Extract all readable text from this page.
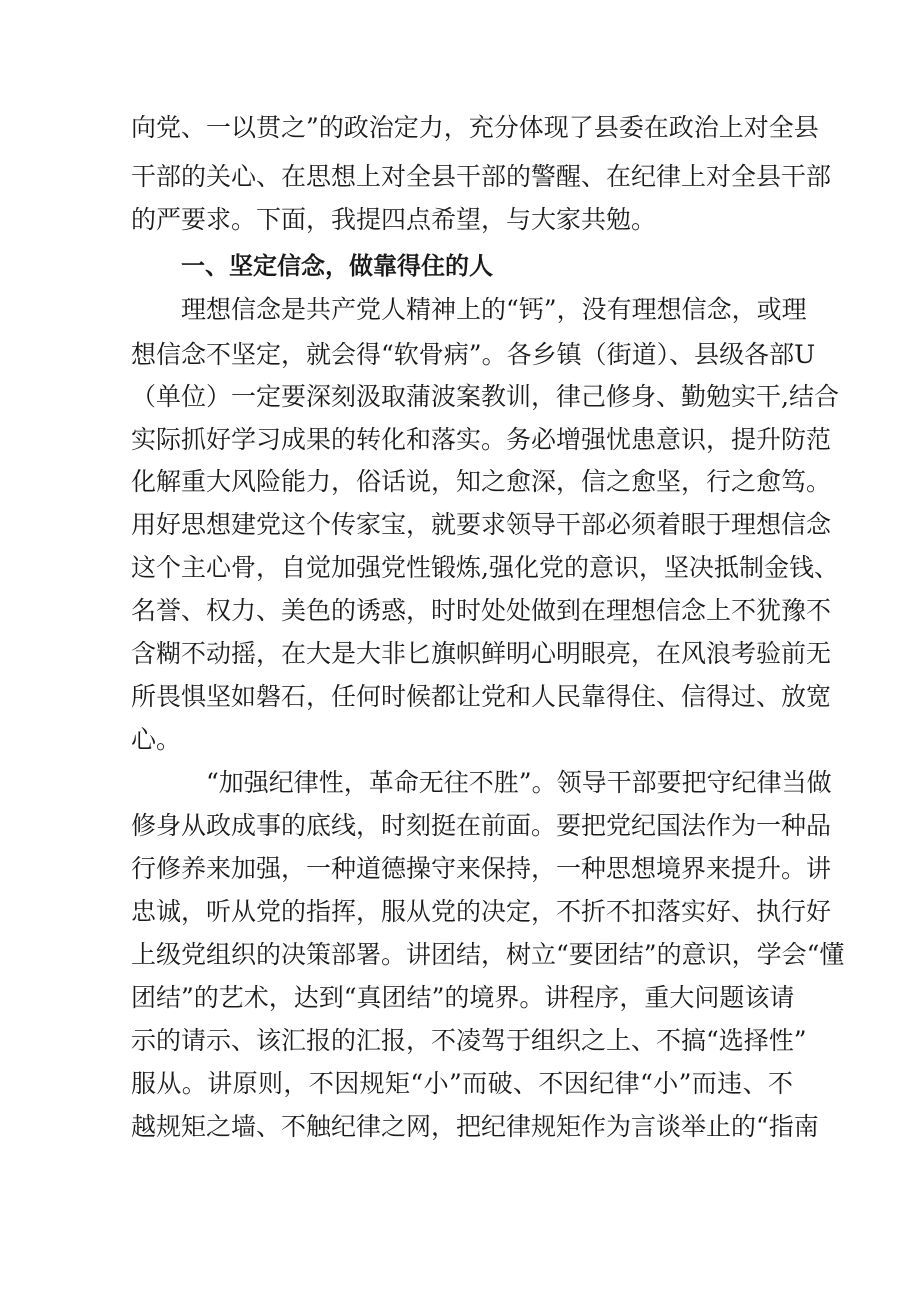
向党、一以贯之”的政治定力，充分体现了县委在政治上对全县
干部的关心、在思想上对全县干部的警醒、在纪律上对全县干部
的严要求。下面，我提四点希望，与大家共勉。
一、坚定信念，做靠得住的人
　　理想信念是共产党人精神上的“钙”，没有理想信念，或理
想信念不坚定，就会得“软骨病”。各乡镇（街道）、县级各部U
（单位）一定要深刻汲取蒲波案教训，律己修身、勤勉实干,结合
实际抓好学习成果的转化和落实。务必增强忧患意识，提升防范
化解重大风险能力，俗话说，知之愈深，信之愈坚，行之愈笃。
用好思想建党这个传家宝，就要求领导干部必须着眼于理想信念
这个主心骨，自觉加强党性锻炼,强化党的意识，坚决抵制金钱、
名誉、权力、美色的诱惑，时时处处做到在理想信念上不犹豫不
含糊不动摇，在大是大非匕旗帜鲜明心明眼亮，在风浪考验前无
所畏惧坚如磐石，任何时候都让党和人民靠得住、信得过、放宽
心。
　　　“加强纪律性，革命无往不胜”。领导干部要把守纪律当做
修身从政成事的底线，时刻挺在前面。要把党纪国法作为一种品
行修养来加强，一种道德操守来保持，一种思想境界来提升。讲
忠诚，听从党的指挥，服从党的决定，不折不扣落实好、执行好
上级党组织的决策部署。讲团结，树立“要团结”的意识，学会“懂
团结”的艺术，达到“真团结”的境界。讲程序，重大问题该请
示的请示、该汇报的汇报，不凌驾于组织之上、不搞“选择性”
服从。讲原则，不因规矩“小”而破、不因纪律“小”而违、不
越规矩之墙、不触纪律之网，把纪律规矩作为言谈举止的“指南
